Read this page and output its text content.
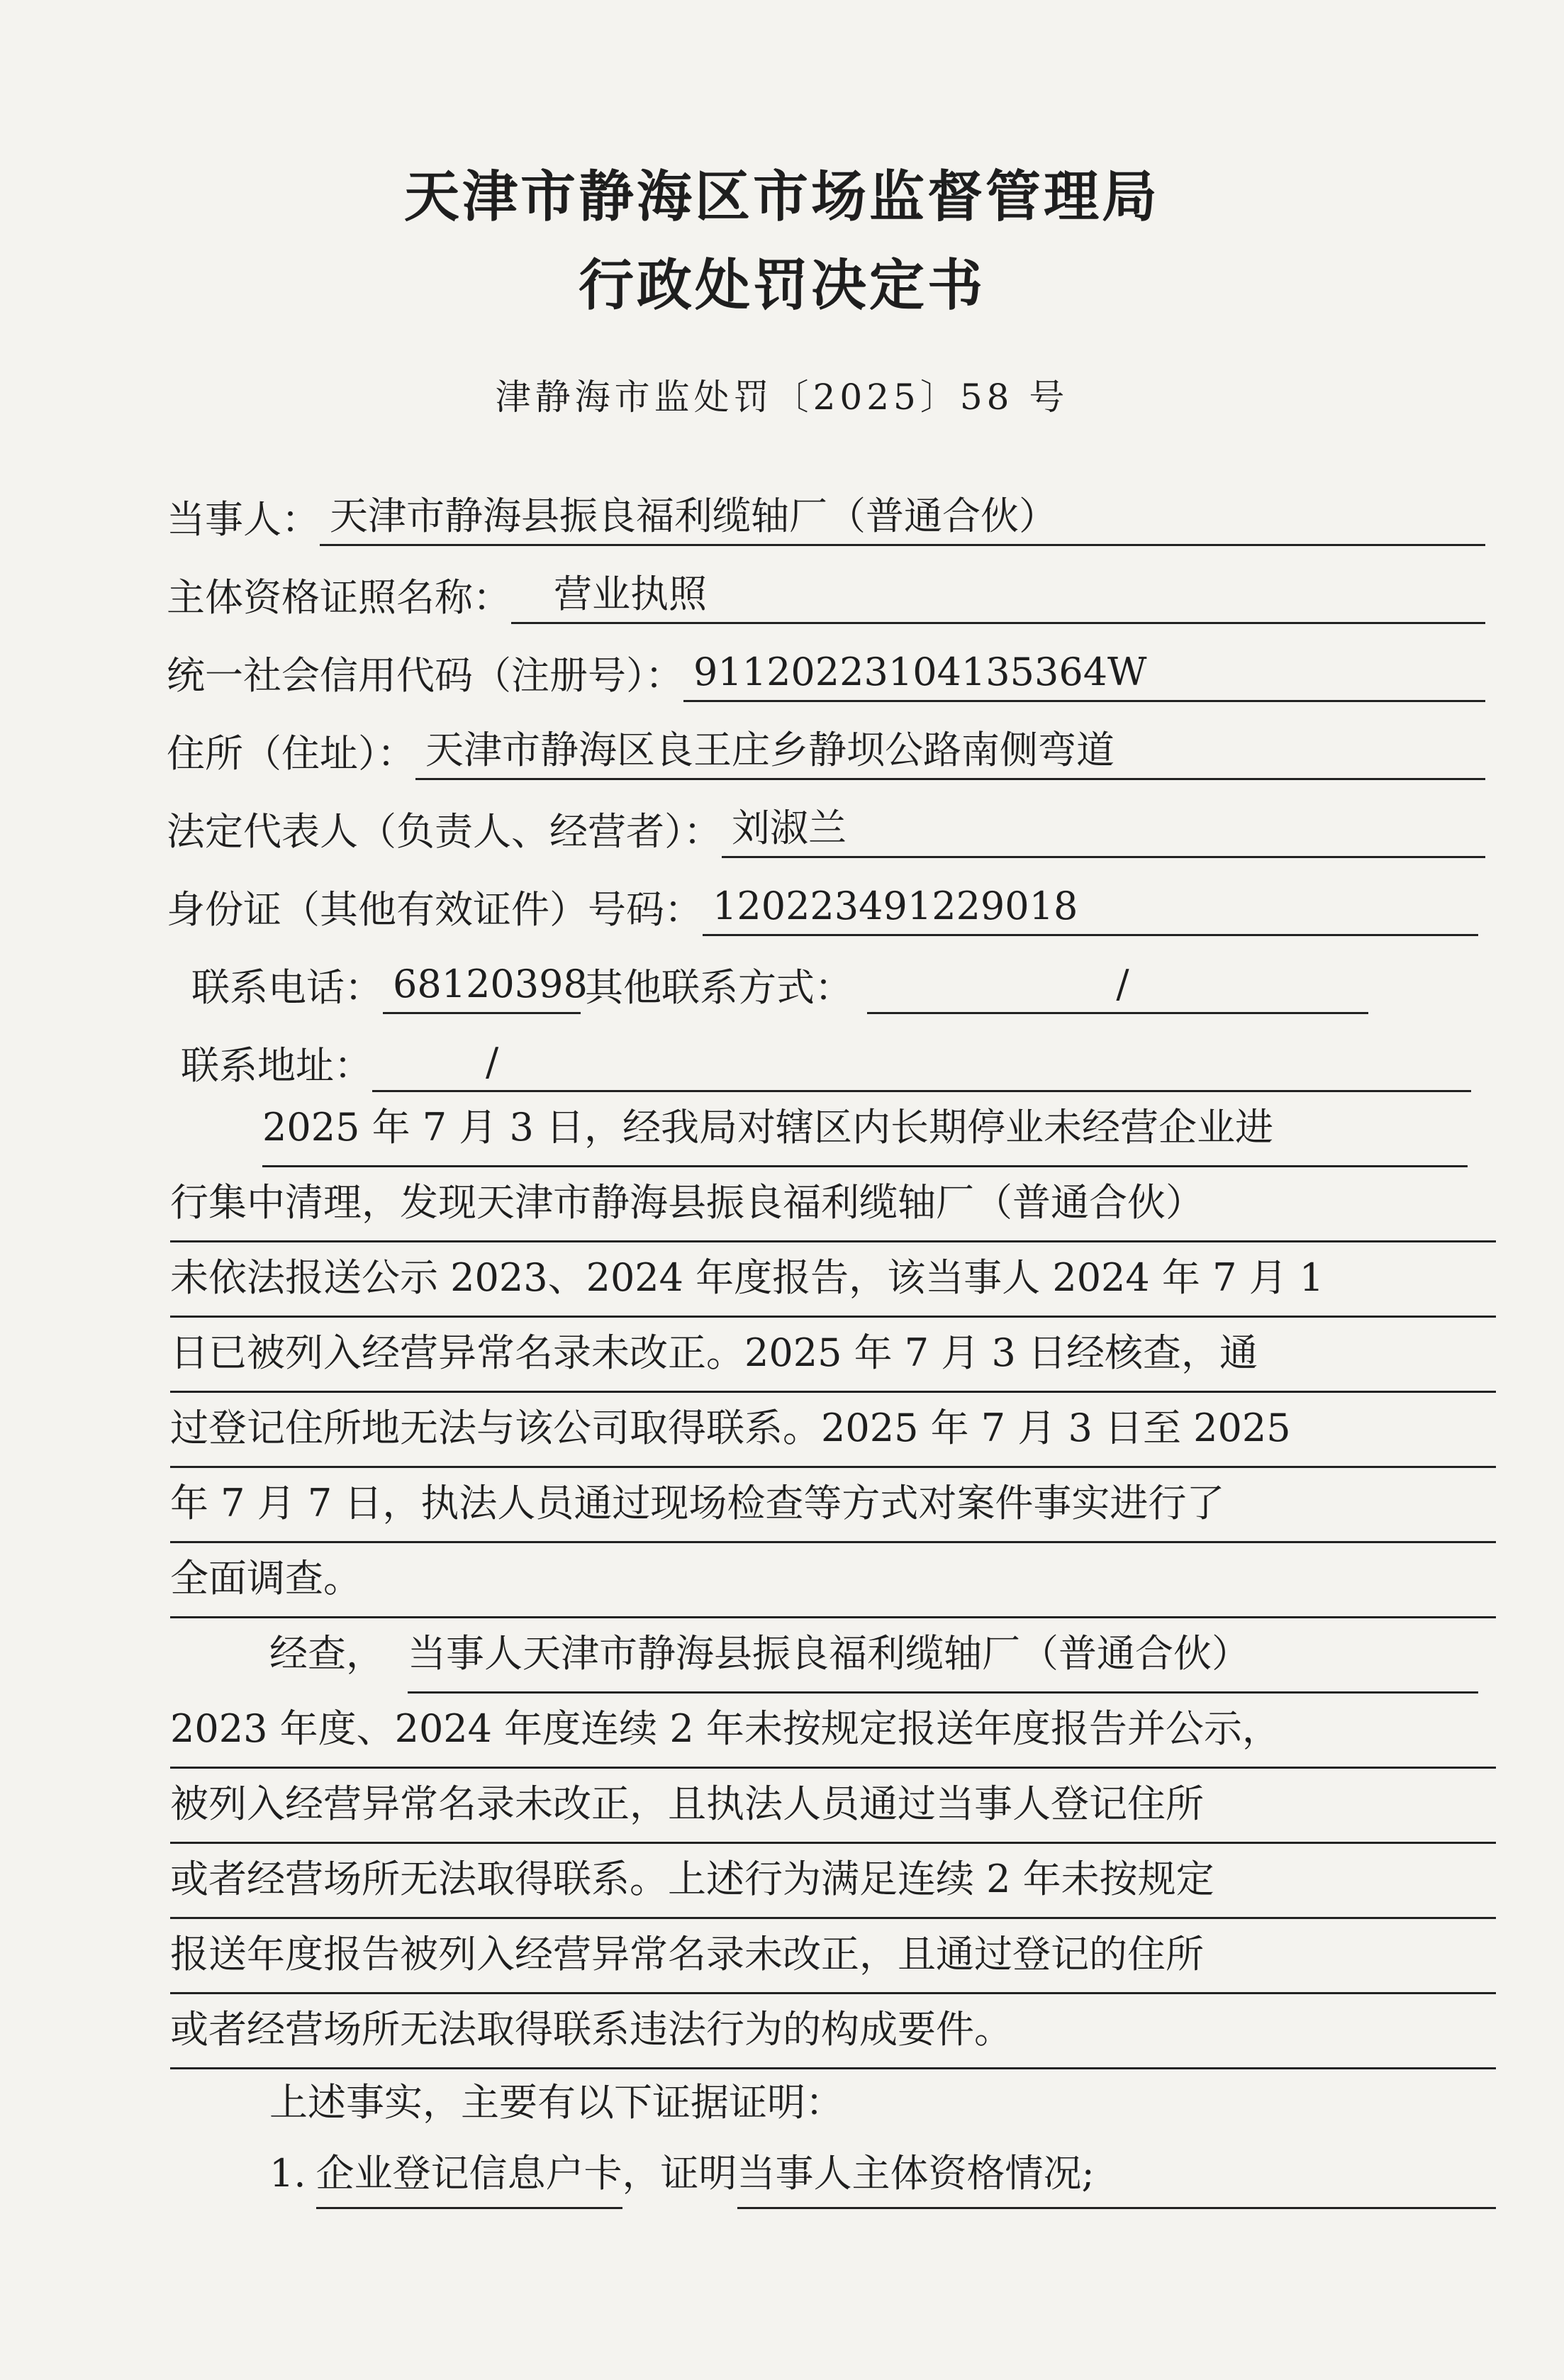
天津市静海区市场监督管理局
行政处罚决定书
津静海市监处罚〔2025〕58 号
当事人： 天津市静海县振良福利缆轴厂（普通合伙）
主体资格证照名称：	营业执照
统一社会信用代码（注册号）： 91120223104135364W
住所（住址）： 天津市静海区良王庄乡静坝公路南侧弯道
法定代表人（负责人、经营者）： 刘淑兰
身份证（其他有效证件）号码： 120223491229018
联系电话： 68120398
其他联系方式：	/
联系地址：	/
2025 年 7 月 3 日，经我局对辖区内长期停业未经营企业进
行集中清理，发现天津市静海县振良福利缆轴厂（普通合伙）
未依法报送公示 2023、2024 年度报告，该当事人 2024 年 7 月 1
日已被列入经营异常名录未改正。2025 年 7 月 3 日经核查，通
过登记住所地无法与该公司取得联系。2025 年 7 月 3 日至 2025
年 7 月 7 日，执法人员通过现场检查等方式对案件事实进行了
全面调查。
经查， 当事人天津市静海县振良福利缆轴厂（普通合伙）
2023 年度、2024 年度连续 2 年未按规定报送年度报告并公示，
被列入经营异常名录未改正，且执法人员通过当事人登记住所
或者经营场所无法取得联系。上述行为满足连续 2 年未按规定
报送年度报告被列入经营异常名录未改正，且通过登记的住所
或者经营场所无法取得联系违法行为的构成要件。
上述事实，主要有以下证据证明：
1. 企业登记信息户卡 ，证明 当事人主体资格情况;
